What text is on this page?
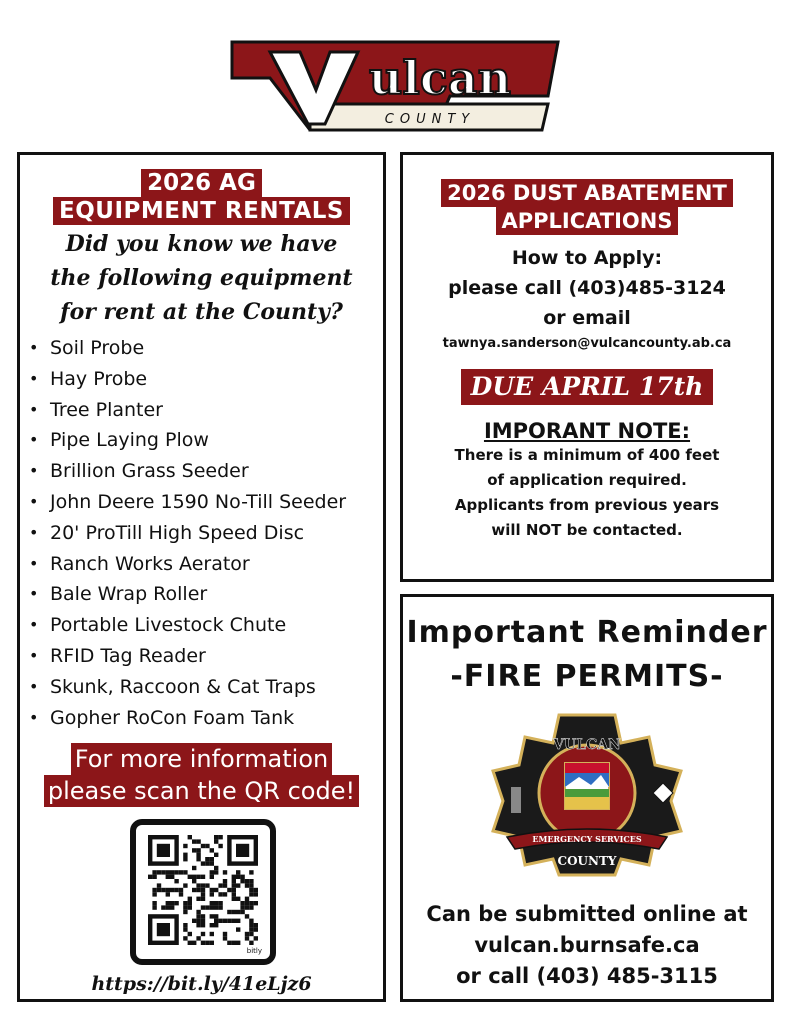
ulcan
COUNTY
2026 AG
EQUIPMENT RENTALS
Did you know we have
the following equipment
for rent at the County?
• Soil Probe
• Hay Probe
• Tree Planter
• Pipe Laying Plow
• Brillion Grass Seeder
• John Deere 1590 No-Till Seeder
• 20' ProTill High Speed Disc
• Ranch Works Aerator
• Bale Wrap Roller
• Portable Livestock Chute
• RFID Tag Reader
• Skunk, Raccoon & Cat Traps
• Gopher RoCon Foam Tank
For more information
please scan the QR code!
bitly
https://bit.ly/41eLjz6
2026 DUST ABATEMENT
APPLICATIONS
How to Apply:
please call (403)485-3124
or email
tawnya.sanderson@vulcancounty.ab.ca
DUE APRIL 17th
IMPORANT NOTE:
There is a minimum of 400 feet
of application required.
Applicants from previous years
will NOT be contacted.
Important Reminder
-FIRE PERMITS-
VULCAN
EMERGENCY SERVICES
COUNTY
Can be submitted online at
vulcan.burnsafe.ca
or call (403) 485-3115
